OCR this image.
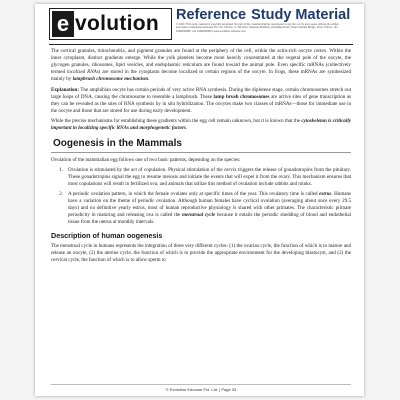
e volution Reference Study Material
© 2020, This study material is copyright protected. No part of this material shall be reproduced in any form or by any means without the written permission of Evolution Educare Pvt. Ltd. Flat No.: 9, 4th Floor, Dattaram Building, Ambedkar Road, Near Gokhale Bridge, Pune. Phone: +91 9168000888, +91 9168000999 | www.evolution-educare.com

The cortical granules, mitochondria, and pigment granules are found at the periphery of the cell, within the actin-rich oocyte cortex. Within the inner cytoplasm, distinct gradients emerge. While the yolk platelets become more heavily concentrated at the vegetal pole of the oocyte, the glycogen granules, ribosomes, lipid vesicles, and endoplasmic reticulum are found toward the animal pole. Even specific mRNAs (collectively termed localized RNAs) are stored in the cytoplasm become localized to certain regions of the oocyte. In frogs, these mRNAs are synthesized mainly by lampbrush chromosome mechanism.

Explanation: The amphibian oocyte has certain periods of very active RNA synthesis. During the diplotene stage, certain chromosomes stretch out large loops of DNA, causing the chromosome to resemble a lampbrush. These lamp brush chromosomes are active sites of gene transcription as they can be revealed as the sites of RNA synthesis by in situ hybridization. The oocytes make two classes of mRNAs—those for immediate use in the oocyte and those that are stored for use during early development.

While the precise mechanisms for establishing these gradients within the egg cell remain unknown, but it is known that the cytoskeleton is critically important in localizing specific RNAs and morphogenetic factors.

Oogenesis in the Mammals

Ovulation of the mammalian egg follows one of two basic patterns, depending on the species:

1. Ovulation is stimulated by the act of copulation. Physical stimulation of the cervix triggers the release of gonadotropins from the pituitary. These gonadotropins signal the egg to resume meiosis and initiate the events that will expel it from the ovary. This mechanism ensures that most copulations will result in fertilized ova, and animals that utilize this method of ovulation include rabbits and minks.
2. A periodic ovulation pattern, in which the female ovulates only at specific times of the year. This ovulatory time is called estrus. Humans have a variation on the theme of periodic ovulation. Although human females have cyclical ovulation (averaging about once every 29.5 days) and no definitive yearly estrus, most of human reproductive physiology is shared with other primates. The characteristic primate periodicity in maturing and releasing ova is called the menstrual cycle because it entails the periodic shedding of blood and endothelial tissue from the uterus at monthly intervals.
Description of human oogenesis

The menstrual cycle in humans represents the integration of three very different cycles: (1) the ovarian cycle, the function of which is to mature and release an oocyte, (2) the uterine cycle, the function of which is to provide the appropriate environment for the developing blastocyst, and (3) the cervical cycle, the function of which is to allow sperm to

© Evolution Educare Pvt. Ltd. | Page 33
